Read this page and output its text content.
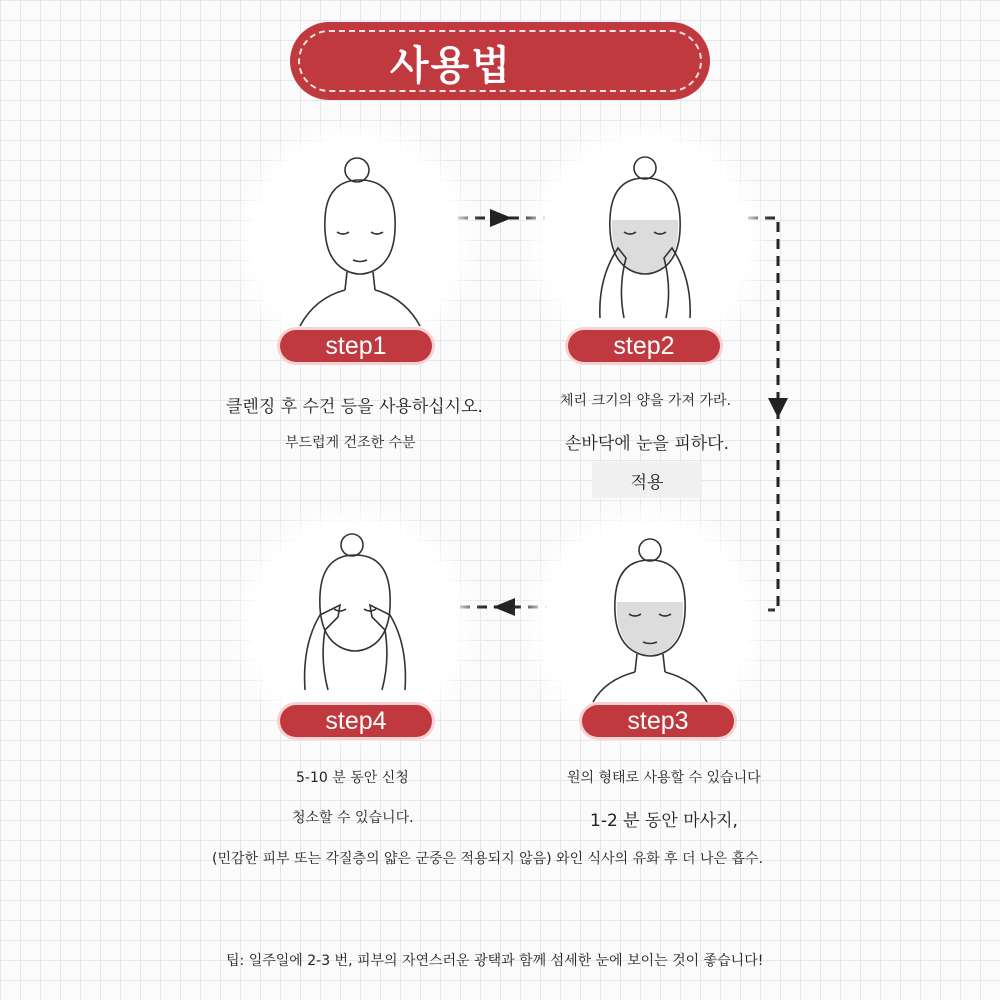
사용법
step1
클렌징 후 수건 등을 사용하십시오.
부드럽게 건조한 수분
step2
체리 크기의 양을 가져 가라.
손바닥에 눈을 피하다.
적용
step3
원의 형태로 사용할 수 있습니다
1-2 분 동안 마사지,
step4
5-10 분 동안 신청
청소할 수 있습니다.
(민감한 피부 또는 각질층의 얇은 군중은 적용되지 않음) 와인 식사의 유화 후 더 나은 흡수.
팁: 일주일에 2-3 번, 피부의 자연스러운 광택과 함께 섬세한 눈에 보이는 것이 좋습니다!
